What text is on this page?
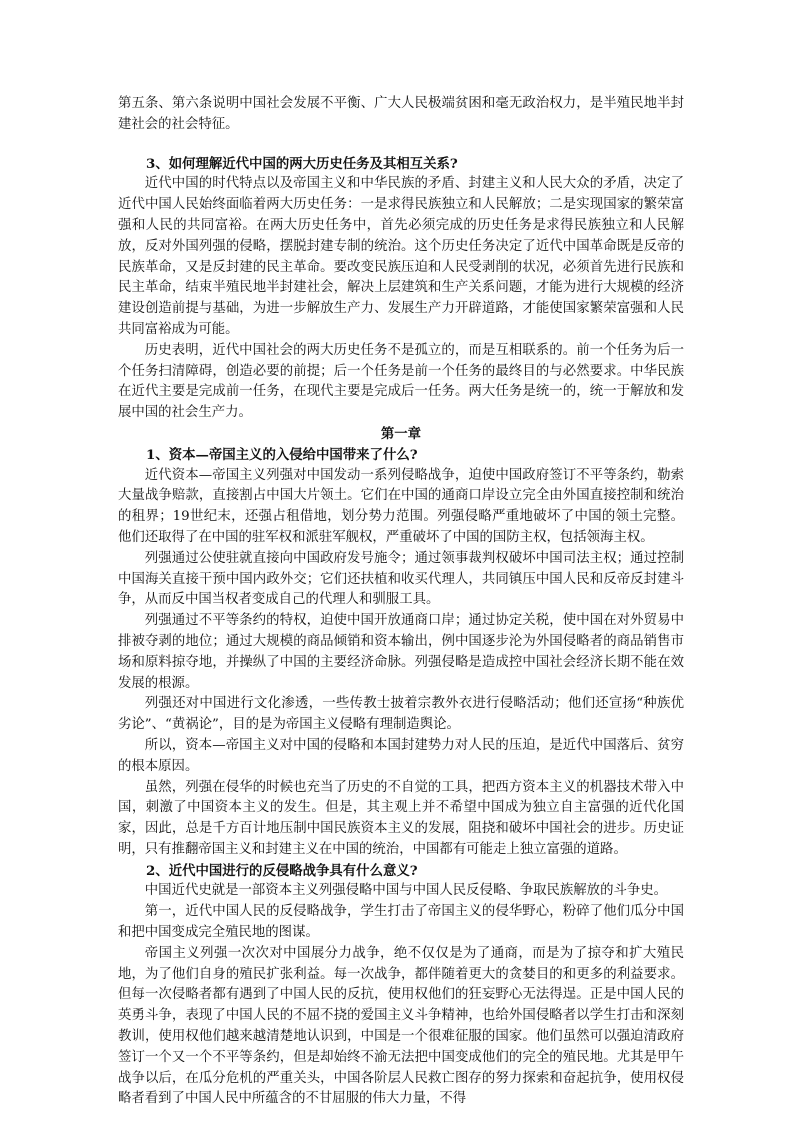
第五条、第六条说明中国社会发展不平衡、广大人民极端贫困和毫无政治权力，是半殖民地半封建社会的社会特征。

3、如何理解近代中国的两大历史任务及其相互关系?

近代中国的时代特点以及帝国主义和中华民族的矛盾、封建主义和人民大众的矛盾，决定了近代中国人民始终面临着两大历史任务：一是求得民族独立和人民解放；二是实现国家的繁荣富强和人民的共同富裕。在两大历史任务中，首先必须完成的历史任务是求得民族独立和人民解放，反对外国列强的侵略，摆脱封建专制的统治。这个历史任务决定了近代中国革命既是反帝的民族革命，又是反封建的民主革命。要改变民族压迫和人民受剥削的状况，必须首先进行民族和民主革命，结束半殖民地半封建社会，解决上层建筑和生产关系问题，才能为进行大规模的经济建设创造前提与基础，为进一步解放生产力、发展生产力开辟道路，才能使国家繁荣富强和人民共同富裕成为可能。

历史表明，近代中国社会的两大历史任务不是孤立的，而是互相联系的。前一个任务为后一个任务扫清障碍，创造必要的前提；后一个任务是前一个任务的最终目的与必然要求。中华民族在近代主要是完成前一任务，在现代主要是完成后一任务。两大任务是统一的，统一于解放和发展中国的社会生产力。

第一章

1、资本—帝国主义的入侵给中国带来了什么?

近代资本—帝国主义列强对中国发动一系列侵略战争，迫使中国政府签订不平等条约，勒索大量战争赔款，直接割占中国大片领土。它们在中国的通商口岸设立完全由外国直接控制和统治的租界；19世纪末，还强占租借地，划分势力范围。列强侵略严重地破坏了中国的领土完整。他们还取得了在中国的驻军权和派驻军舰权，严重破坏了中国的国防主权，包括领海主权。

列强通过公使驻就直接向中国政府发号施令；通过领事裁判权破坏中国司法主权；通过控制中国海关直接干预中国内政外交；它们还扶植和收买代理人，共同镇压中国人民和反帝反封建斗争，从而反中国当权者变成自己的代理人和驯服工具。

列强通过不平等条约的特权，迫使中国开放通商口岸；通过协定关税，使中国在对外贸易中排被夺剥的地位；通过大规模的商品倾销和资本输出，例中国逐步沦为外国侵略者的商品销售市场和原料掠夺地，并操纵了中国的主要经济命脉。列强侵略是造成控中国社会经济长期不能在效发展的根源。

列强还对中国进行文化渗透，一些传教士披着宗教外衣进行侵略活动；他们还宣扬“种族优劣论”、“黄祸论”，目的是为帝国主义侵略有理制造舆论。

所以，资本—帝国主义对中国的侵略和本国封建势力对人民的压迫，是近代中国落后、贫穷的根本原因。

虽然，列强在侵华的时候也充当了历史的不自觉的工具，把西方资本主义的机器技术带入中国，刺激了中国资本主义的发生。但是，其主观上并不希望中国成为独立自主富强的近代化国家，因此，总是千方百计地压制中国民族资本主义的发展，阻挠和破坏中国社会的进步。历史证明，只有推翻帝国主义和封建主义在中国的统治，中国都有可能走上独立富强的道路。

2、近代中国进行的反侵略战争具有什么意义?

中国近代史就是一部资本主义列强侵略中国与中国人民反侵略、争取民族解放的斗争史。

第一，近代中国人民的反侵略战争，学生打击了帝国主义的侵华野心，粉碎了他们瓜分中国和把中国变成完全殖民地的图谋。

帝国主义列强一次次对中国展分力战争，绝不仅仅是为了通商，而是为了掠夺和扩大殖民地，为了他们自身的殖民扩张利益。每一次战争，都伴随着更大的贪婪目的和更多的利益要求。但每一次侵略者都有遇到了中国人民的反抗，使用权他们的狂妄野心无法得逞。正是中国人民的英勇斗争，表现了中国人民的不屈不挠的爱国主义斗争精神，也给外国侵略者以学生打击和深刻教训，使用权他们越来越清楚地认识到，中国是一个很难征服的国家。他们虽然可以强迫清政府签订一个又一个不平等条约，但是却始终不渝无法把中国变成他们的完全的殖民地。尤其是甲午战争以后，在瓜分危机的严重关头，中国各阶层人民救亡图存的努力探索和奋起抗争，使用权侵略者看到了中国人民中所蕴含的不甘屈服的伟大力量，不得
